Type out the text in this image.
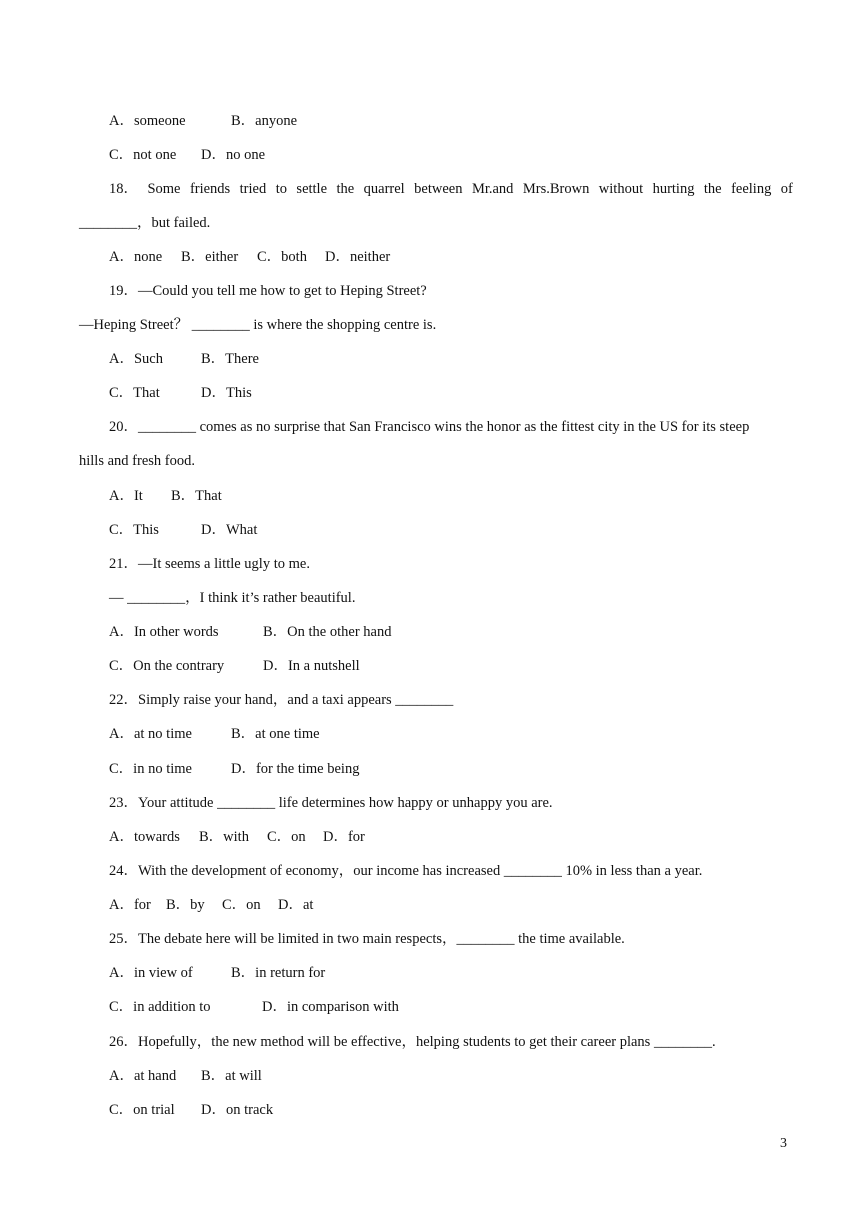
A．someone	B．anyone
C．not one D．no one
18． Some friends tried to settle the quarrel between Mr.and Mrs.Brown without hurting the feeling of
________，but failed.
A．none B．either C．both D．neither
19．—Could you tell me how to get to Heping Street?
—Heping Street？ ________ is where the shopping centre is.
A．Such	B．There
C．That	D．This
20．________ comes as no surprise that San Francisco wins the honor as the fittest city in the US for its steep
hills and fresh food.
A．It B．That
C．This	D．What
21．—It seems a little ugly to me.
— ________，I think it’s rather beautiful.
A．In other words	B．On the other hand
C．On the contrary	D．In a nutshell
22．Simply raise your hand，and a taxi appears ________
A．at no time	B．at one time
C．in no time	D．for the time being
23．Your attitude ________ life determines how happy or unhappy you are.
A．towards B．with C．on D．for
24．With the development of economy，our income has increased ________ 10% in less than a year.
A．for B．by C．on D．at
25．The debate here will be limited in two main respects，________ the time available.
A．in view of	B．in return for
C．in addition to	D．in comparison with
26．Hopefully，the new method will be effective，helping students to get their career plans ________.
A．at hand B．at will
C．on trial D．on track
3
